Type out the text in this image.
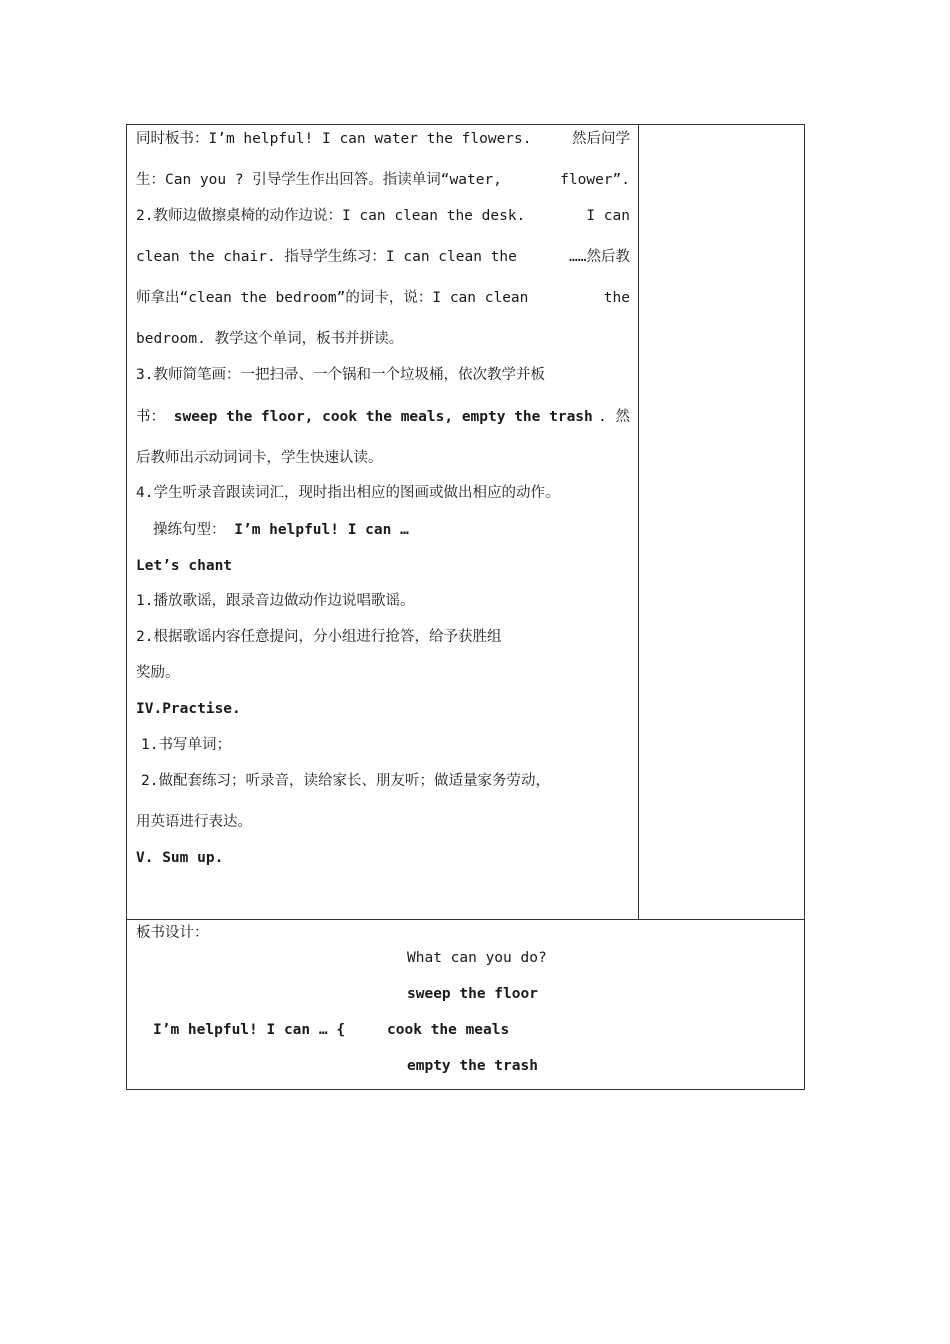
同时板书：I’m helpful! I can water the flowers.	然后问学
生：Can you ? 引导学生作出回答。指读单词“water,	flower”.
2.教师边做擦桌椅的动作边说：I can clean the desk.	I can
clean the chair. 指导学生练习：I can clean the	……然后教
师拿出“clean the bedroom”的词卡，说：I can clean	the
bedroom. 教学这个单词，板书并拼读。
3.教师简笔画：一把扫帚、一个锅和一个垃圾桶，依次教学并板
书： sweep the floor, cook the meals, empty the trash . 然
后教师出示动词词卡，学生快速认读。
4.学生听录音跟读词汇，现时指出相应的图画或做出相应的动作。
操练句型： I’m helpful! I can …
Let’s chant
1.播放歌谣，跟录音边做动作边说唱歌谣。
2.根据歌谣内容任意提问，分小组进行抢答，给予获胜组
奖励。
IV.Practise.
1.书写单词；
2.做配套练习；听录音，读给家长、朋友听；做适量家务劳动，
用英语进行表达。
V. Sum up.
板书设计：
What can you do?
sweep the floor
I’m helpful! I can … {	cook the meals
empty the trash
